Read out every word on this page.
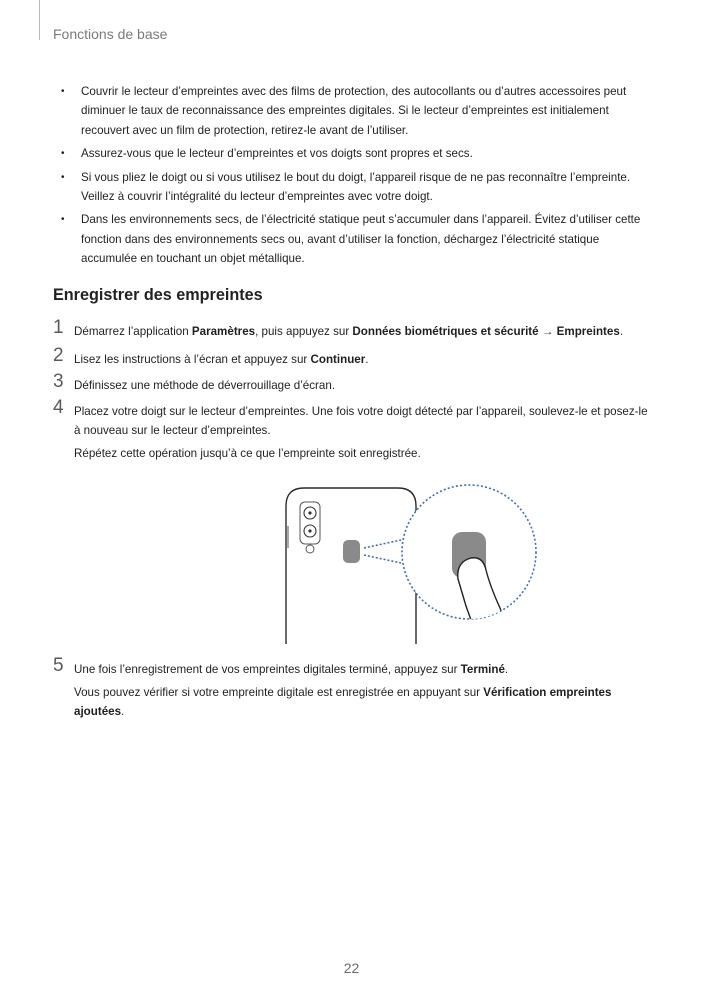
Fonctions de base
• Couvrir le lecteur d’empreintes avec des films de protection, des autocollants ou d’autres accessoires peut diminuer le taux de reconnaissance des empreintes digitales. Si le lecteur d’empreintes est initialement recouvert avec un film de protection, retirez-le avant de l’utiliser.
• Assurez-vous que le lecteur d’empreintes et vos doigts sont propres et secs.
• Si vous pliez le doigt ou si vous utilisez le bout du doigt, l’appareil risque de ne pas reconnaître l’empreinte. Veillez à couvrir l’intégralité du lecteur d’empreintes avec votre doigt.
• Dans les environnements secs, de l’électricité statique peut s’accumuler dans l’appareil. Évitez d’utiliser cette fonction dans des environnements secs ou, avant d’utiliser la fonction, déchargez l’électricité statique accumulée en touchant un objet métallique.
Enregistrer des empreintes
1 Démarrez l’application Paramètres, puis appuyez sur Données biométriques et sécurité → Empreintes.

2 Lisez les instructions à l’écran et appuyez sur Continuer.

3 Définissez une méthode de déverrouillage d’écran.

4 Placez votre doigt sur le lecteur d’empreintes. Une fois votre doigt détecté par l’appareil, soulevez-le et posez-le à nouveau sur le lecteur d’empreintes.

Répétez cette opération jusqu’à ce que l’empreinte soit enregistrée.

5 Une fois l’enregistrement de vos empreintes digitales terminé, appuyez sur Terminé.

Vous pouvez vérifier si votre empreinte digitale est enregistrée en appuyant sur Vérification empreintes ajoutées.

22
